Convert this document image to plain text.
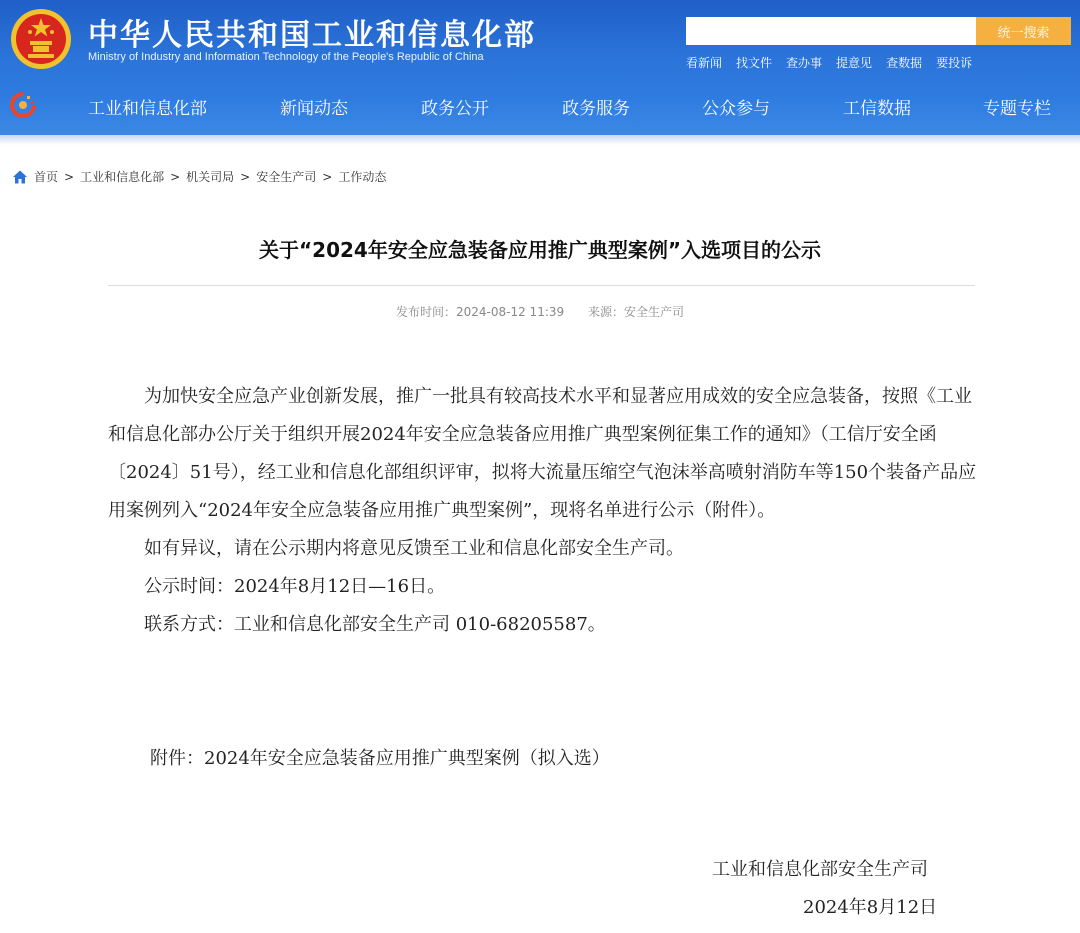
中华人民共和国工业和信息化部
Ministry of Industry and Information Technology of the People's Republic of China
统一搜索
看新闻 找文件 查办事 提意见 查数据 要投诉
工业和信息化部	新闻动态	政务公开	政务服务	公众参与	工信数据	专题专栏
首页 > 工业和信息化部 > 机关司局 > 安全生产司 > 工作动态
关于“2024年安全应急装备应用推广典型案例”入选项目的公示
发布时间：2024-08-12 11:39 来源：安全生产司

为加快安全应急产业创新发展，推广一批具有较高技术水平和显著应用成效的安全应急装备，按照《工业和信息化部办公厅关于组织开展2024年安全应急装备应用推广典型案例征集工作的通知》（工信厅安全函〔2024〕51号），经工业和信息化部组织评审，拟将大流量压缩空气泡沫举高喷射消防车等150个装备产品应用案例列入“2024年安全应急装备应用推广典型案例”，现将名单进行公示（附件）。

如有异议，请在公示期内将意见反馈至工业和信息化部安全生产司。

公示时间：2024年8月12日—16日。

联系方式：工业和信息化部安全生产司 010-68205587。

附件：2024年安全应急装备应用推广典型案例（拟入选）
工业和信息化部安全生产司
2024年8月12日
